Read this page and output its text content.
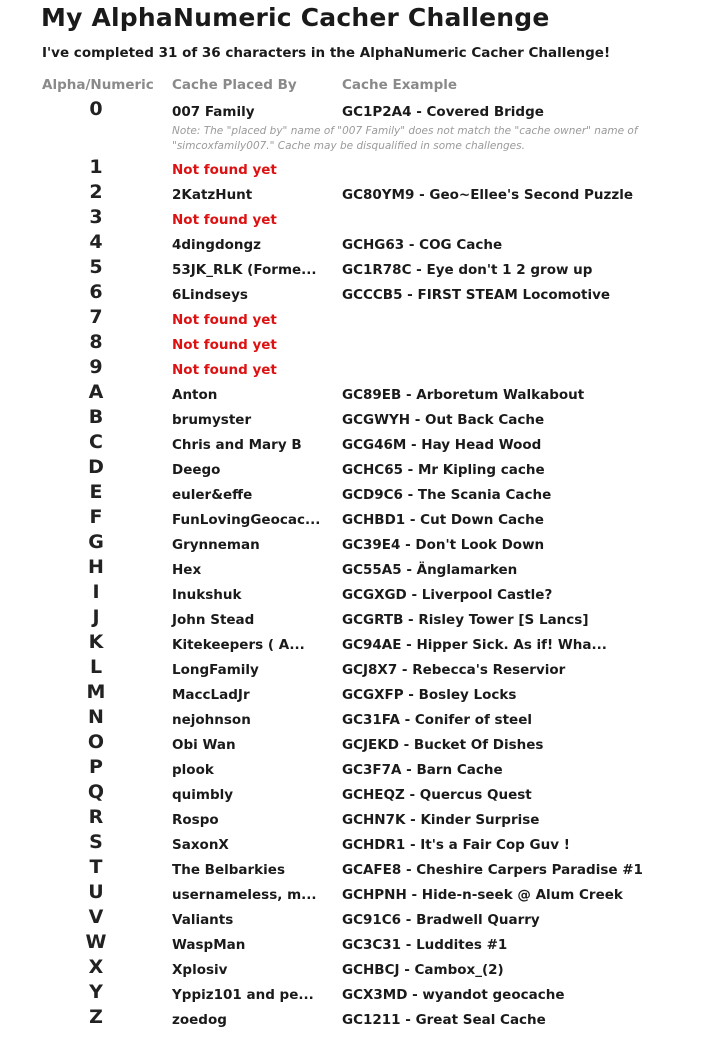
My AlphaNumeric Cacher Challenge
I've completed 31 of 36 characters in the AlphaNumeric Cacher Challenge!
Alpha/Numeric Cache Placed By	Cache Example
0	007 Family	GC1P2A4 - Covered Bridge
1	Not found yet
2	2KatzHunt	GC80YM9 - Geo~Ellee's Second Puzzle
3	Not found yet
4	4dingdongz	GCHG63 - COG Cache
5	53JK_RLK (Forme... GC1R78C - Eye don't 1 2 grow up
6	6Lindseys	GCCCB5 - FIRST STEAM Locomotive
7	Not found yet
8	Not found yet
9	Not found yet
A	Anton	GC89EB - Arboretum Walkabout
B	brumyster	GCGWYH - Out Back Cache
C	Chris and Mary B	GCG46M - Hay Head Wood
D	Deego	GCHC65 - Mr Kipling cache
E	euler&effe	GCD9C6 - The Scania Cache
F	FunLovingGeocac... GCHBD1 - Cut Down Cache
G	Grynneman	GC39E4 - Don't Look Down
H	Hex	GC55A5 - Änglamarken
I	Inukshuk	GCGXGD - Liverpool Castle?
J	John Stead	GCGRTB - Risley Tower [S Lancs]
K	Kitekeepers ( A...	GC94AE - Hipper Sick. As if! Wha...
L	LongFamily	GCJ8X7 - Rebecca's Reservior
M	MaccLadJr	GCGXFP - Bosley Locks
N	nejohnson	GC31FA - Conifer of steel
O	Obi Wan	GCJEKD - Bucket Of Dishes
P	plook	GC3F7A - Barn Cache
Q	quimbly	GCHEQZ - Quercus Quest
R	Rospo	GCHN7K - Kinder Surprise
S	SaxonX	GCHDR1 - It's a Fair Cop Guv !
T	The Belbarkies	GCAFE8 - Cheshire Carpers Paradise #1
U	usernameless, m... GCHPNH - Hide-n-seek @ Alum Creek
V	Valiants	GC91C6 - Bradwell Quarry
W	WaspMan	GC3C31 - Luddites #1
X	Xplosiv	GCHBCJ - Cambox_(2)
Y	Yppiz101 and pe... GCX3MD - wyandot geocache
Z	zoedog	GC1211 - Great Seal Cache
Note: The "placed by" name of "007 Family" does not match the "cache owner" name of "simcoxfamily007." Cache may be disqualified in some challenges.
